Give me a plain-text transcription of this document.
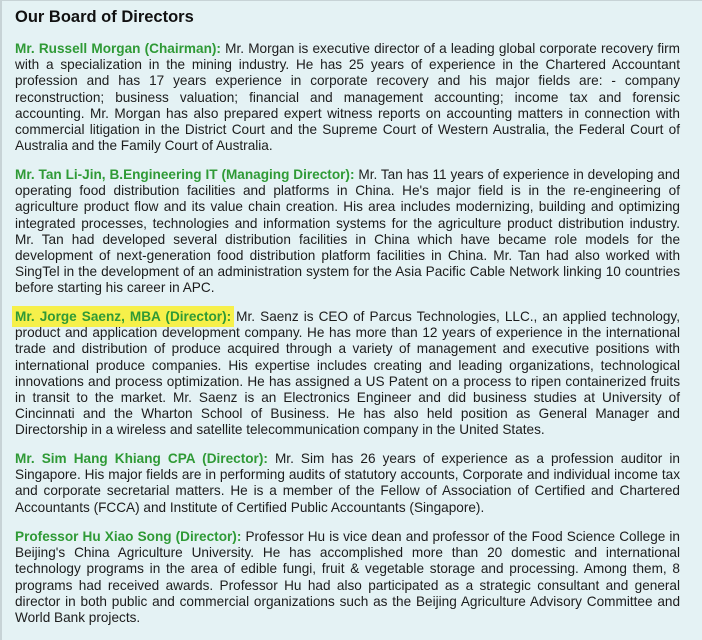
Our Board of Directors

Mr. Russell Morgan (Chairman): Mr. Morgan is executive director of a leading global corporate recovery firm with a specialization in the mining industry. He has 25 years of experience in the Chartered Accountant profession and has 17 years experience in corporate recovery and his major fields are: - company reconstruction; business valuation; financial and management accounting; income tax and forensic accounting. Mr. Morgan has also prepared expert witness reports on accounting matters in connection with commercial litigation in the District Court and the Supreme Court of Western Australia, the Federal Court of Australia and the Family Court of Australia.

Mr. Tan Li-Jin, B.Engineering IT (Managing Director): Mr. Tan has 11 years of experience in developing and operating food distribution facilities and platforms in China. He's major field is in the re-engineering of agriculture product flow and its value chain creation. His area includes modernizing, building and optimizing integrated processes, technologies and information systems for the agriculture product distribution industry. Mr. Tan had developed several distribution facilities in China which have became role models for the development of next-generation food distribution platform facilities in China. Mr. Tan had also worked with SingTel in the development of an administration system for the Asia Pacific Cable Network linking 10 countries before starting his career in APC.

Mr. Jorge Saenz, MBA (Director): Mr. Saenz is CEO of Parcus Technologies, LLC., an applied technology, product and application development company. He has more than 12 years of experience in the international trade and distribution of produce acquired through a variety of management and executive positions with international produce companies. His expertise includes creating and leading organizations, technological innovations and process optimization. He has assigned a US Patent on a process to ripen containerized fruits in transit to the market. Mr. Saenz is an Electronics Engineer and did business studies at University of Cincinnati and the Wharton School of Business. He has also held position as General Manager and Directorship in a wireless and satellite telecommunication company in the United States.

Mr. Sim Hang Khiang CPA (Director): Mr. Sim has 26 years of experience as a profession auditor in Singapore. His major fields are in performing audits of statutory accounts, Corporate and individual income tax and corporate secretarial matters. He is a member of the Fellow of Association of Certified and Chartered Accountants (FCCA) and Institute of Certified Public Accountants (Singapore).

Professor Hu Xiao Song (Director): Professor Hu is vice dean and professor of the Food Science College in Beijing's China Agriculture University. He has accomplished more than 20 domestic and international technology programs in the area of edible fungi, fruit & vegetable storage and processing. Among them, 8 programs had received awards. Professor Hu had also participated as a strategic consultant and general director in both public and commercial organizations such as the Beijing Agriculture Advisory Committee and World Bank projects.
